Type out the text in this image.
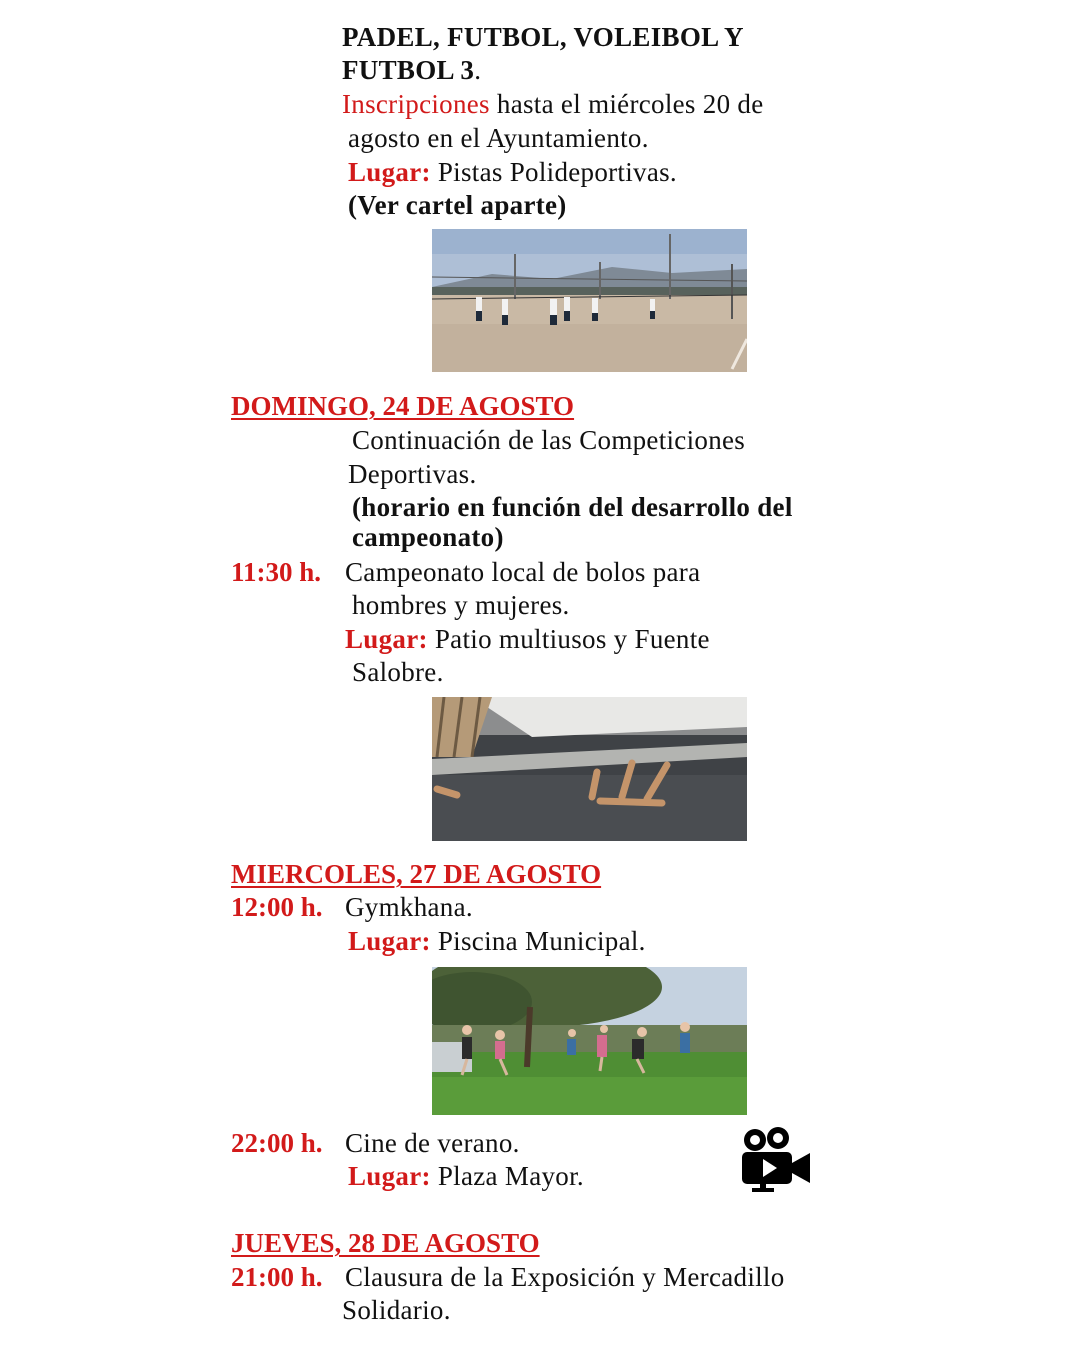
PADEL, FUTBOL, VOLEIBOL Y
FUTBOL 3.
Inscripciones hasta el miércoles 20 de
agosto en el Ayuntamiento.
Lugar: Pistas Polideportivas.
(Ver cartel aparte)
DOMINGO, 24 DE AGOSTO
Continuación de las Competiciones
Deportivas.
(horario en función del desarrollo del
campeonato)
11:30 h. Campeonato local de bolos para
hombres y mujeres.
Lugar: Patio multiusos y Fuente
Salobre.
MIERCOLES, 27 DE AGOSTO
12:00 h. Gymkhana.
Lugar: Piscina Municipal.
22:00 h. Cine de verano.
Lugar: Plaza Mayor.
JUEVES, 28 DE AGOSTO
21:00 h. Clausura de la Exposición y Mercadillo
Solidario.
